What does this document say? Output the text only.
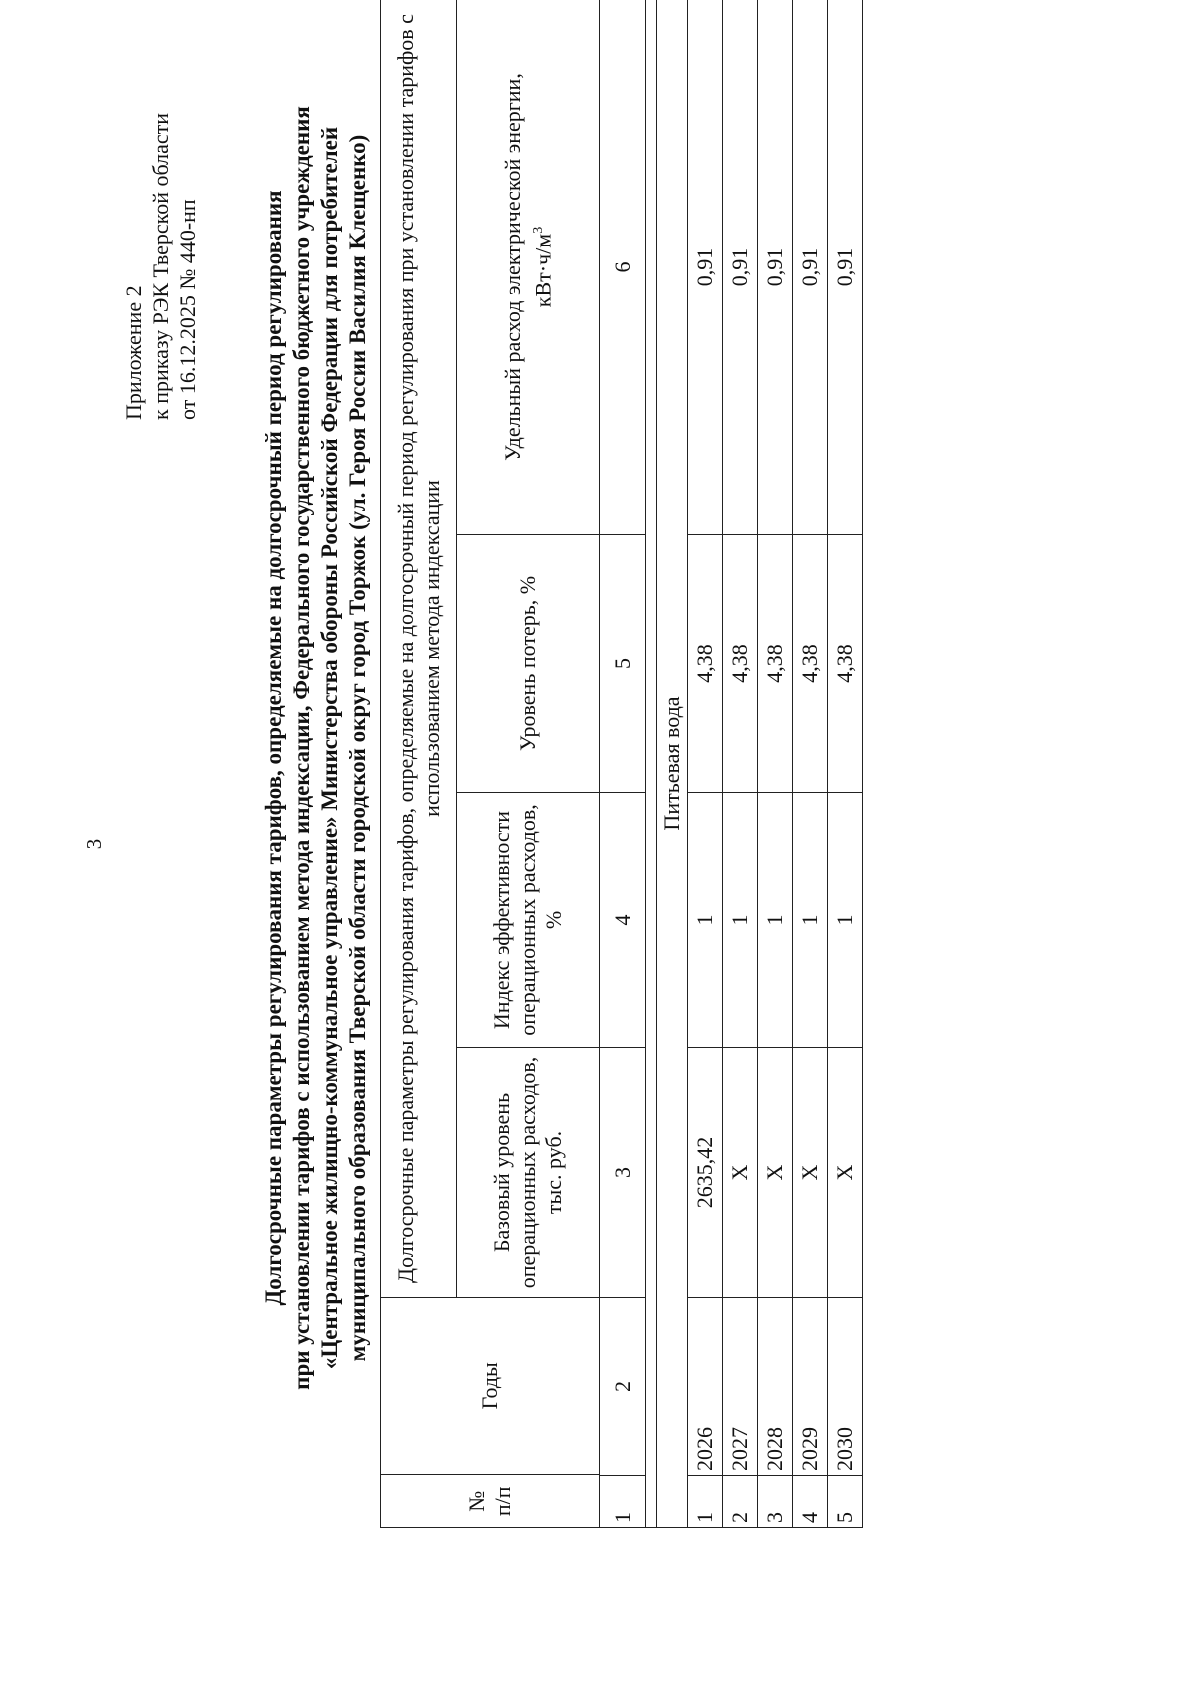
3
Приложение 2 к приказу РЭК Тверской области от 16.12.2025 № 440-нп	Долгосрочные параметры регулирования тарифов, определяемые на долгосрочный период регулирования при установлении тарифов с использованием метода индексации, Федерального государственного бюджетного учреждения «Центральное жилищно-коммунальное управление» Министерства обороны Российской Федерации для потребителей муниципального образования Тверской области городской округ город Торжок (ул. Героя России Василия Клещенко)
№ п/п	Годы
	Долгосрочные параметры регулирования тарифов, определяемые на долгосрочный период регулирования при установлении тарифов с использованием метода индексации
Базовый уровень операционных расходов, тыс. руб.	Индекс эффективности операционных расходов, %	Уровень потерь, %	Удельный расход электрической энергии, $кВт\cdot ч/м^3$
1	2	3	4	5	6

Питьевая вода
1	2026	2635,42	1	4,38	0,91
2	2027	Х	1	4,38	0,91
3	2028	Х	1	4,38	0,91
4	2029	Х	1	4,38	0,91
5	2030	Х	1	4,38	0,91
